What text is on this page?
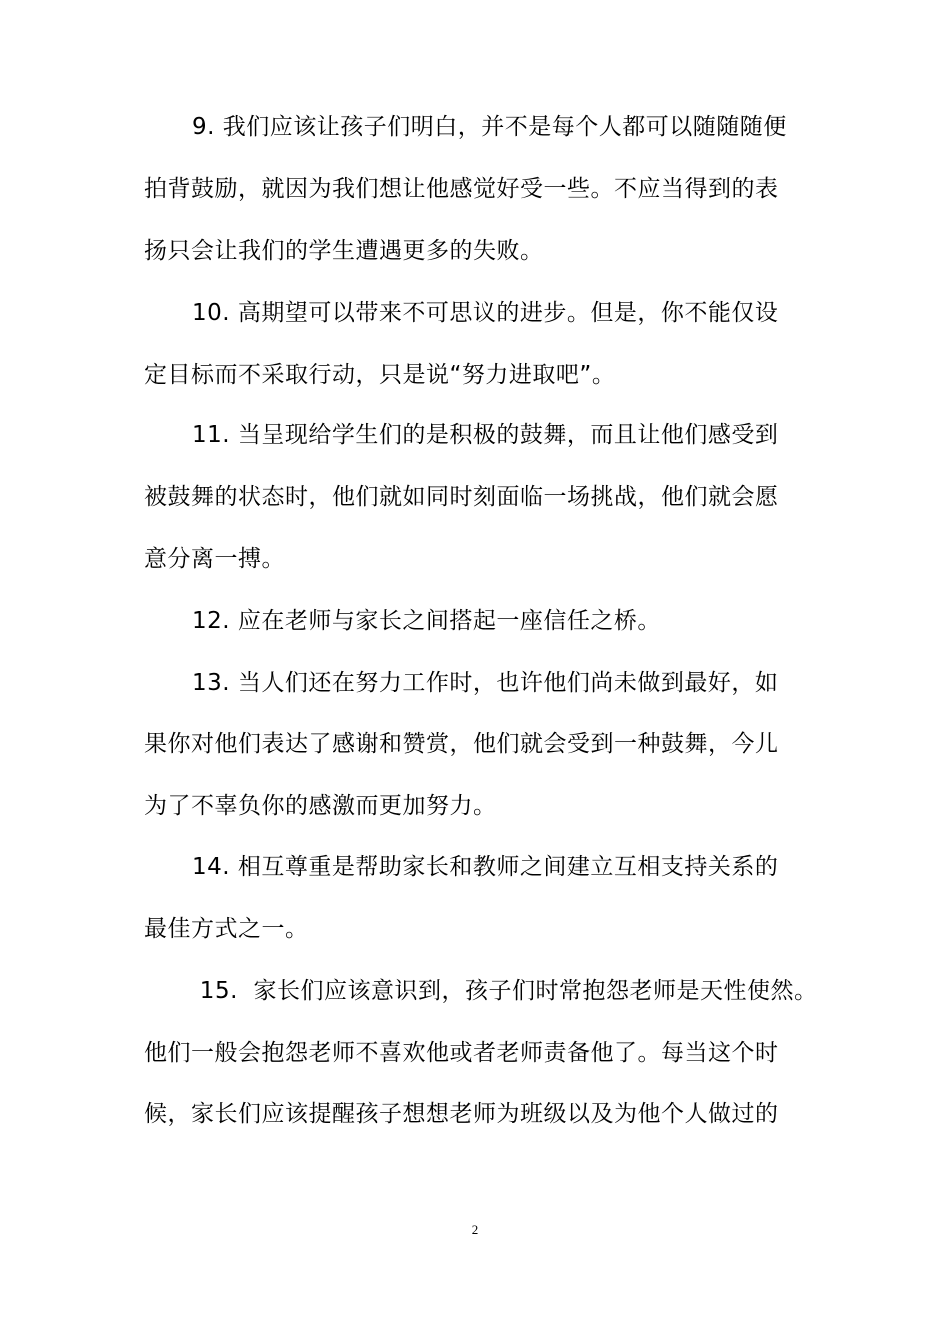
9. 我们应该让孩子们明白，并不是每个人都可以随随随便
拍背鼓励，就因为我们想让他感觉好受一些。不应当得到的表
扬只会让我们的学生遭遇更多的失败。
10. 高期望可以带来不可思议的进步。但是，你不能仅设
定目标而不采取行动，只是说“努力进取吧”。
11. 当呈现给学生们的是积极的鼓舞，而且让他们感受到
被鼓舞的状态时，他们就如同时刻面临一场挑战，他们就会愿
意分离一搏。
12. 应在老师与家长之间搭起一座信任之桥。
13. 当人们还在努力工作时，也许他们尚未做到最好，如
果你对他们表达了感谢和赞赏，他们就会受到一种鼓舞，今儿
为了不辜负你的感激而更加努力。
14. 相互尊重是帮助家长和教师之间建立互相支持关系的
最佳方式之一。
15.  家长们应该意识到，孩子们时常抱怨老师是天性使然。
他们一般会抱怨老师不喜欢他或者老师责备他了。每当这个时
候，家长们应该提醒孩子想想老师为班级以及为他个人做过的
2
